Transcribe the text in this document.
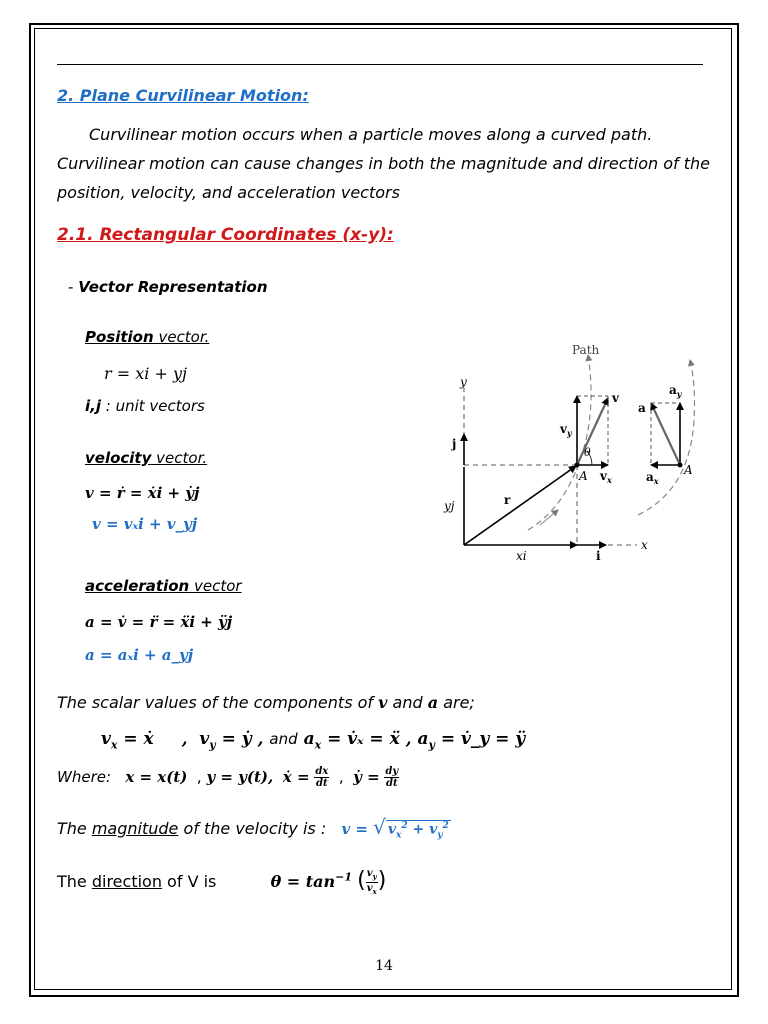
2. Plane Curvilinear Motion:

Curvilinear motion occurs when a particle moves along a curved path.

Curvilinear motion can cause changes in both the magnitude and direction of the

position, velocity, and acceleration vectors

2.1. Rectangular Coordinates (x-y):
- Vector Representation
Position vector.
r = xi + yj
i,j : unit vectors
velocity vector.
v = ṙ = ẋi + ẏj
v = vₓi + v_yj
acceleration vector
a = v̇ = r̈ = ẍi + ÿj
a = aₓi + a_yj
The scalar values of the components of v and a are;
$v_x$ = ẋ ,  $v_y$ = ẏ , and $a_x$ = v̇ₓ = ẍ , $a_y$ = v̇_y = ÿ
Where: x = x(t)  , y = y(t), ẋ = $\frac{dx}{dt}$ ,  ẏ = $\frac{dy}{dt}$
The magnitude of the velocity is : v = √ $v_x^2 + v_y^2$
The direction of V is	$\theta = \tan^{-1}$ ( $\frac{v_y}{v_x}$ )
Path
y
x
j
i
yj
xi
r
v
$v_y$
$v_x$
θ
A
a
$a_y$
$a_x$
A
14
